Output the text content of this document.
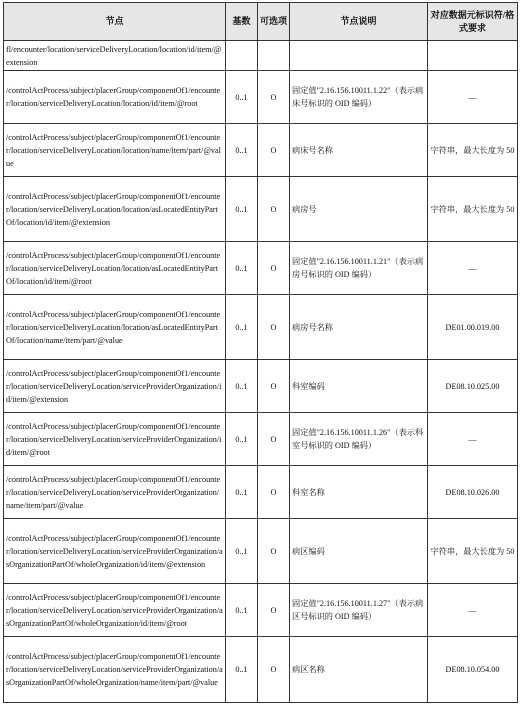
节点	基数	可选项	节点说明	对应数据元标识符/格式要求
fl/encounter/location/serviceDeliveryLocation/location/id/item/@extension				
/controlActProcess/subject/placerGroup/componentOf1/encounter/location/serviceDeliveryLocation/location/id/item/@root	0..1	O	固定值"2.16.156.10011.1.22"（表示病床号标识的 OID 编码）	—
/controlActProcess/subject/placerGroup/componentOf1/encounter/location/serviceDeliveryLocation/location/name/item/part/@value	0..1	O	病床号名称	字符串，最大长度为 50
/controlActProcess/subject/placerGroup/componentOf1/encounter/location/serviceDeliveryLocation/location/asLocatedEntityPartOf/location/id/item/@extension	0..1	O	病房号	字符串，最大长度为 50
/controlActProcess/subject/placerGroup/componentOf1/encounter/location/serviceDeliveryLocation/location/asLocatedEntityPartOf/location/id/item/@root	0..1	O	固定值"2.16.156.10011.1.21"（表示病房号标识的 OID 编码）	—
/controlActProcess/subject/placerGroup/componentOf1/encounter/location/serviceDeliveryLocation/location/asLocatedEntityPartOf/location/name/item/part/@value	0..1	O	病房号名称	DE01.00.019.00
/controlActProcess/subject/placerGroup/componentOf1/encounter/location/serviceDeliveryLocation/serviceProviderOrganization/id/item/@extension	0..1	O	科室编码	DE08.10.025.00
/controlActProcess/subject/placerGroup/componentOf1/encounter/location/serviceDeliveryLocation/serviceProviderOrganization/id/item/@root	0..1	O	固定值"2.16.156.10011.1.26"（表示科室号标识的 OID 编码）	—
/controlActProcess/subject/placerGroup/componentOf1/encounter/location/serviceDeliveryLocation/serviceProviderOrganization/name/item/part/@value	0..1	O	科室名称	DE08.10.026.00
/controlActProcess/subject/placerGroup/componentOf1/encounter/location/serviceDeliveryLocation/serviceProviderOrganization/asOrganizationPartOf/wholeOrganization/id/item/@extension	0..1	O	病区编码	字符串，最大长度为 50
/controlActProcess/subject/placerGroup/componentOf1/encounter/location/serviceDeliveryLocation/serviceProviderOrganization/asOrganizationPartOf/wholeOrganization/id/item/@root	0..1	O	固定值"2.16.156.10011.1.27"（表示病区号标识的 OID 编码）	—
/controlActProcess/subject/placerGroup/componentOf1/encounter/location/serviceDeliveryLocation/serviceProviderOrganization/asOrganizationPartOf/wholeOrganization/name/item/part/@value	0..1	O	病区名称	DE08.10.054.00
